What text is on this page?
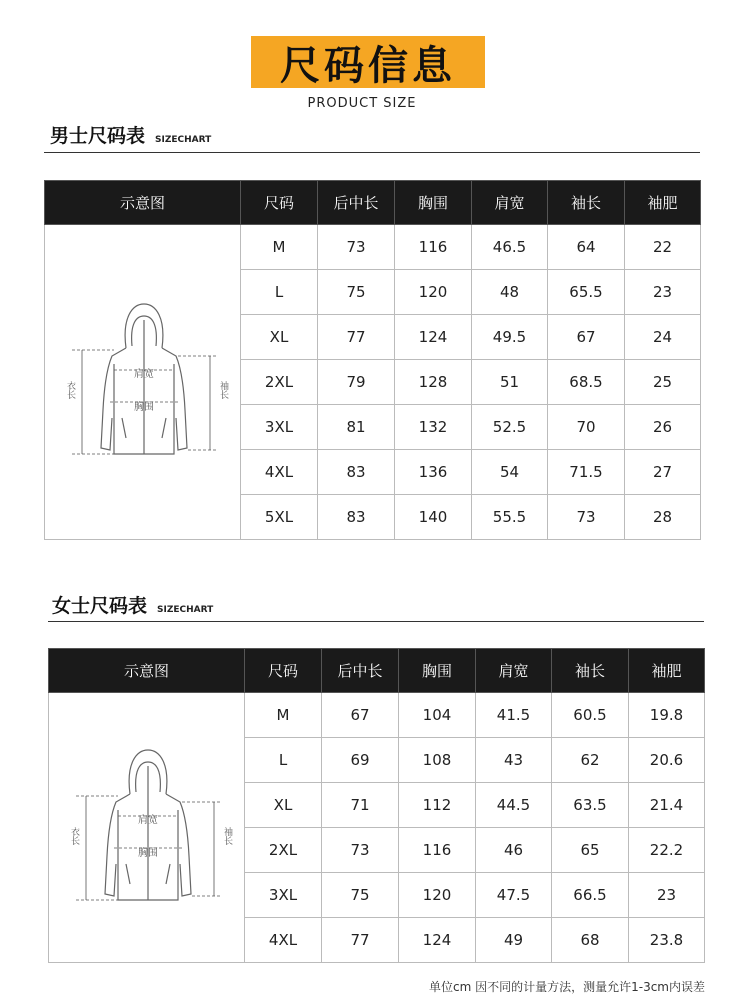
尺码信息
PRODUCT SIZE
男士尺码表 SIZECHART
示意图	尺码	后中长	胸围	肩宽	袖长	袖肥

肩宽
胸围
衣长 袖长	M	73	116	46.5	64	22
	L	75	120	48	65.5	23
	XL	77	124	49.5	67	24
	2XL	79	128	51	68.5	25
	3XL	81	132	52.5	70	26
	4XL	83	136	54	71.5	27
	5XL	83	140	55.5	73	28
女士尺码表 SIZECHART
示意图	尺码	后中长	胸围	肩宽	袖长	袖肥

肩宽
胸围
衣长 袖长	M	67	104	41.5	60.5	19.8
	L	69	108	43	62	20.6
	XL	71	112	44.5	63.5	21.4
	2XL	73	116	46	65	22.2
	3XL	75	120	47.5	66.5	23
	4XL	77	124	49	68	23.8
单位cm 因不同的计量方法，测量允许1-3cm内误差
